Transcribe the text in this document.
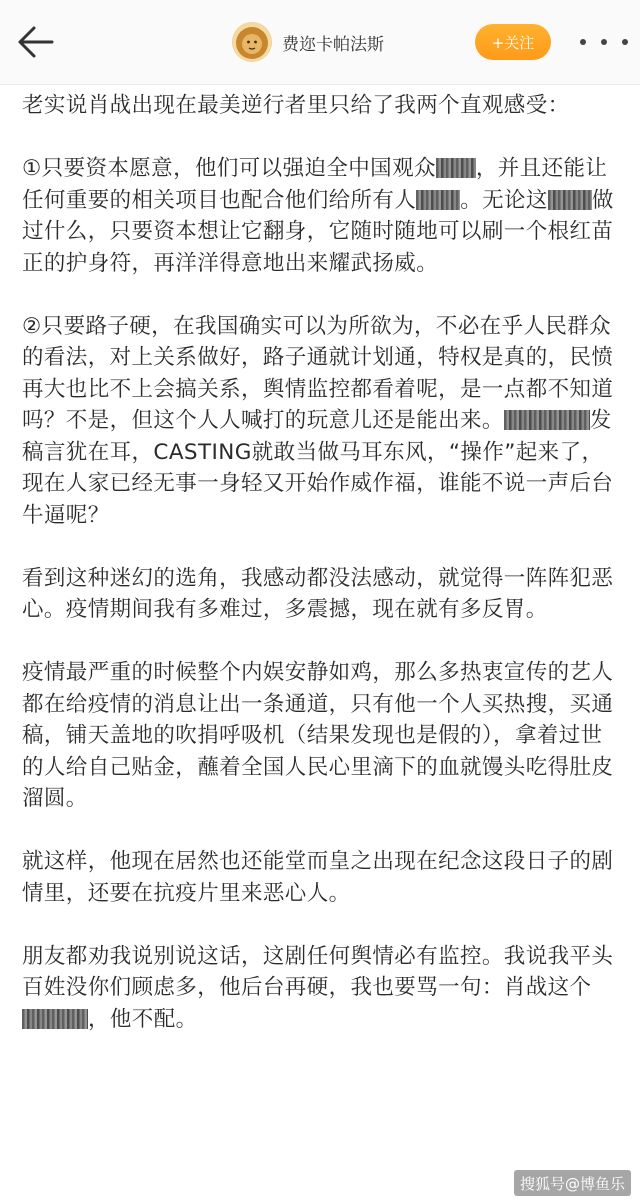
费迩卡帕法斯	+关注

老实说肖战出现在最美逆行者里只给了我两个直观感受：

①只要资本愿意，他们可以强迫全中国观众 ，并且还能让任何重要的相关项目也配合他们给所有人 。无论这 做过什么，只要资本想让它翻身，它随时随地可以刷一个根红苗正的护身符，再洋洋得意地出来耀武扬威。

②只要路子硬，在我国确实可以为所欲为，不必在乎人民群众的看法，对上关系做好，路子通就计划通，特权是真的，民愤再大也比不上会搞关系，舆情监控都看着呢，是一点都不知道吗？不是，但这个人人喊打的玩意儿还是能出来。	发稿言犹在耳，CASTING就敢当做马耳东风，“操作”起来了，现在人家已经无事一身轻又开始作威作福，谁能不说一声后台牛逼呢？

看到这种迷幻的选角，我感动都没法感动，就觉得一阵阵犯恶心。疫情期间我有多难过，多震撼，现在就有多反胃。

疫情最严重的时候整个内娱安静如鸡，那么多热衷宣传的艺人都在给疫情的消息让出一条通道，只有他一个人买热搜，买通稿，铺天盖地的吹捐呼吸机（结果发现也是假的），拿着过世的人给自己贴金，蘸着全国人民心里滴下的血就馒头吃得肚皮溜圆。

就这样，他现在居然也还能堂而皇之出现在纪念这段日子的剧情里，还要在抗疫片里来恶心人。

朋友都劝我说别说这话，这剧任何舆情必有监控。我说我平头百姓没你们顾虑多，他后台再硬，我也要骂一句：肖战这个，他不配。

搜狐号@博鱼乐
